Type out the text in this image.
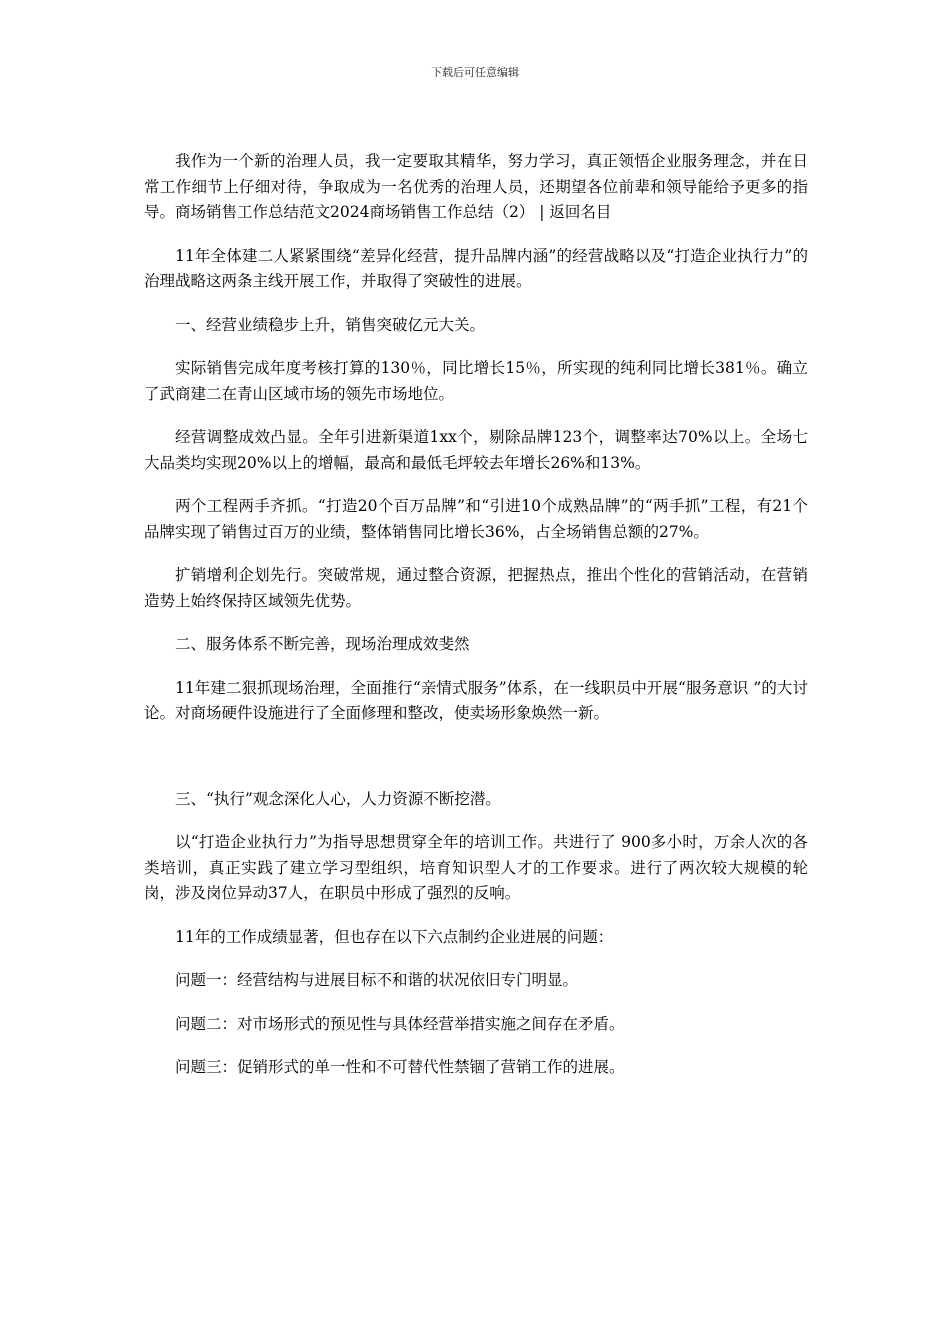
下载后可任意编辑

我作为一个新的治理人员，我一定要取其精华，努力学习，真正领悟企业服务理念，并在日常工作细节上仔细对待，争取成为一名优秀的治理人员，还期望各位前辈和领导能给予更多的指导。商场销售工作总结范文2024商场销售工作总结（2） | 返回名目

11年全体建二人紧紧围绕“差异化经营，提升品牌内涵”的经营战略以及“打造企业执行力”的治理战略这两条主线开展工作，并取得了突破性的进展。

一、经营业绩稳步上升，销售突破亿元大关。

实际销售完成年度考核打算的130％，同比增长15％，所实现的纯利同比增长381％。确立了武商建二在青山区域市场的领先市场地位。

经营调整成效凸显。全年引进新渠道1xx个，剔除品牌123个，调整率达70%以上。全场七大品类均实现20%以上的增幅，最高和最低毛坪较去年增长26%和13%。

两个工程两手齐抓。“打造20个百万品牌”和“引进10个成熟品牌”的“两手抓”工程，有21个品牌实现了销售过百万的业绩，整体销售同比增长36%，占全场销售总额的27%。

扩销增利企划先行。突破常规，通过整合资源，把握热点，推出个性化的营销活动，在营销造势上始终保持区域领先优势。

二、服务体系不断完善，现场治理成效斐然

11年建二狠抓现场治理，全面推行“亲情式服务”体系，在一线职员中开展“服务意识 ”的大讨论。对商场硬件设施进行了全面修理和整改，使卖场形象焕然一新。

三、“执行”观念深化人心，人力资源不断挖潜。

以“打造企业执行力”为指导思想贯穿全年的培训工作。共进行了 900多小时，万余人次的各类培训，真正实践了建立学习型组织，培育知识型人才的工作要求。进行了两次较大规模的轮岗，涉及岗位异动37人，在职员中形成了强烈的反响。

11年的工作成绩显著，但也存在以下六点制约企业进展的问题：

问题一：经营结构与进展目标不和谐的状况依旧专门明显。

问题二：对市场形式的预见性与具体经营举措实施之间存在矛盾。

问题三：促销形式的单一性和不可替代性禁锢了营销工作的进展。
